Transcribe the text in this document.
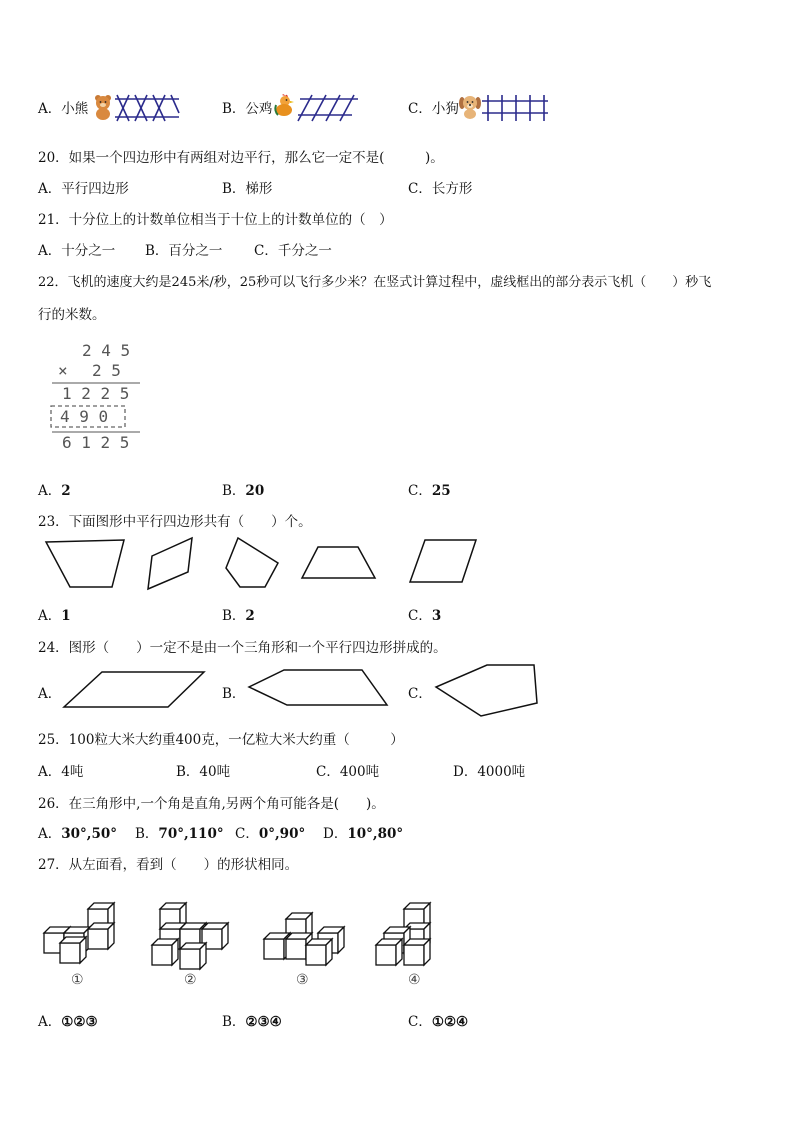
A．小熊	B．公鸡	C．小狗
20．如果一个四边形中有两组对边平行，那么它一定不是(　　　)。
A．平行四边形	B．梯形	C．长方形
21．十分位上的计数单位相当于十位上的计数单位的（　）
A．十分之一 B．百分之一 C．千分之一
22．飞机的速度大约是245米/秒，25秒可以飞行多少米？在竖式计算过程中，虚线框出的部分表示飞机（　　）秒飞
行的米数。
2 4 5
× 2 5
1 2 2 5
4 9 0
6 1 2 5
A．2	B．20	C．25
23．下面图形中平行四边形共有（　　）个。
A．1	B．2	C．3
24．图形（　　）一定不是由一个三角形和一个平行四边形拼成的。
A．	B．	C．
25．100粒大米大约重400克，一亿粒大米大约重（　　　）
A．4吨	B．40吨	C．400吨	D．4000吨
26．在三角形中,一个角是直角,另两个角可能各是(　　)。
A．30°,50° B．70°,110° C．0°,90° D．10°,80°
27．从左面看，看到（　　）的形状相同。
①	②	③	④
A．①②③	B．②③④	C．①②④
